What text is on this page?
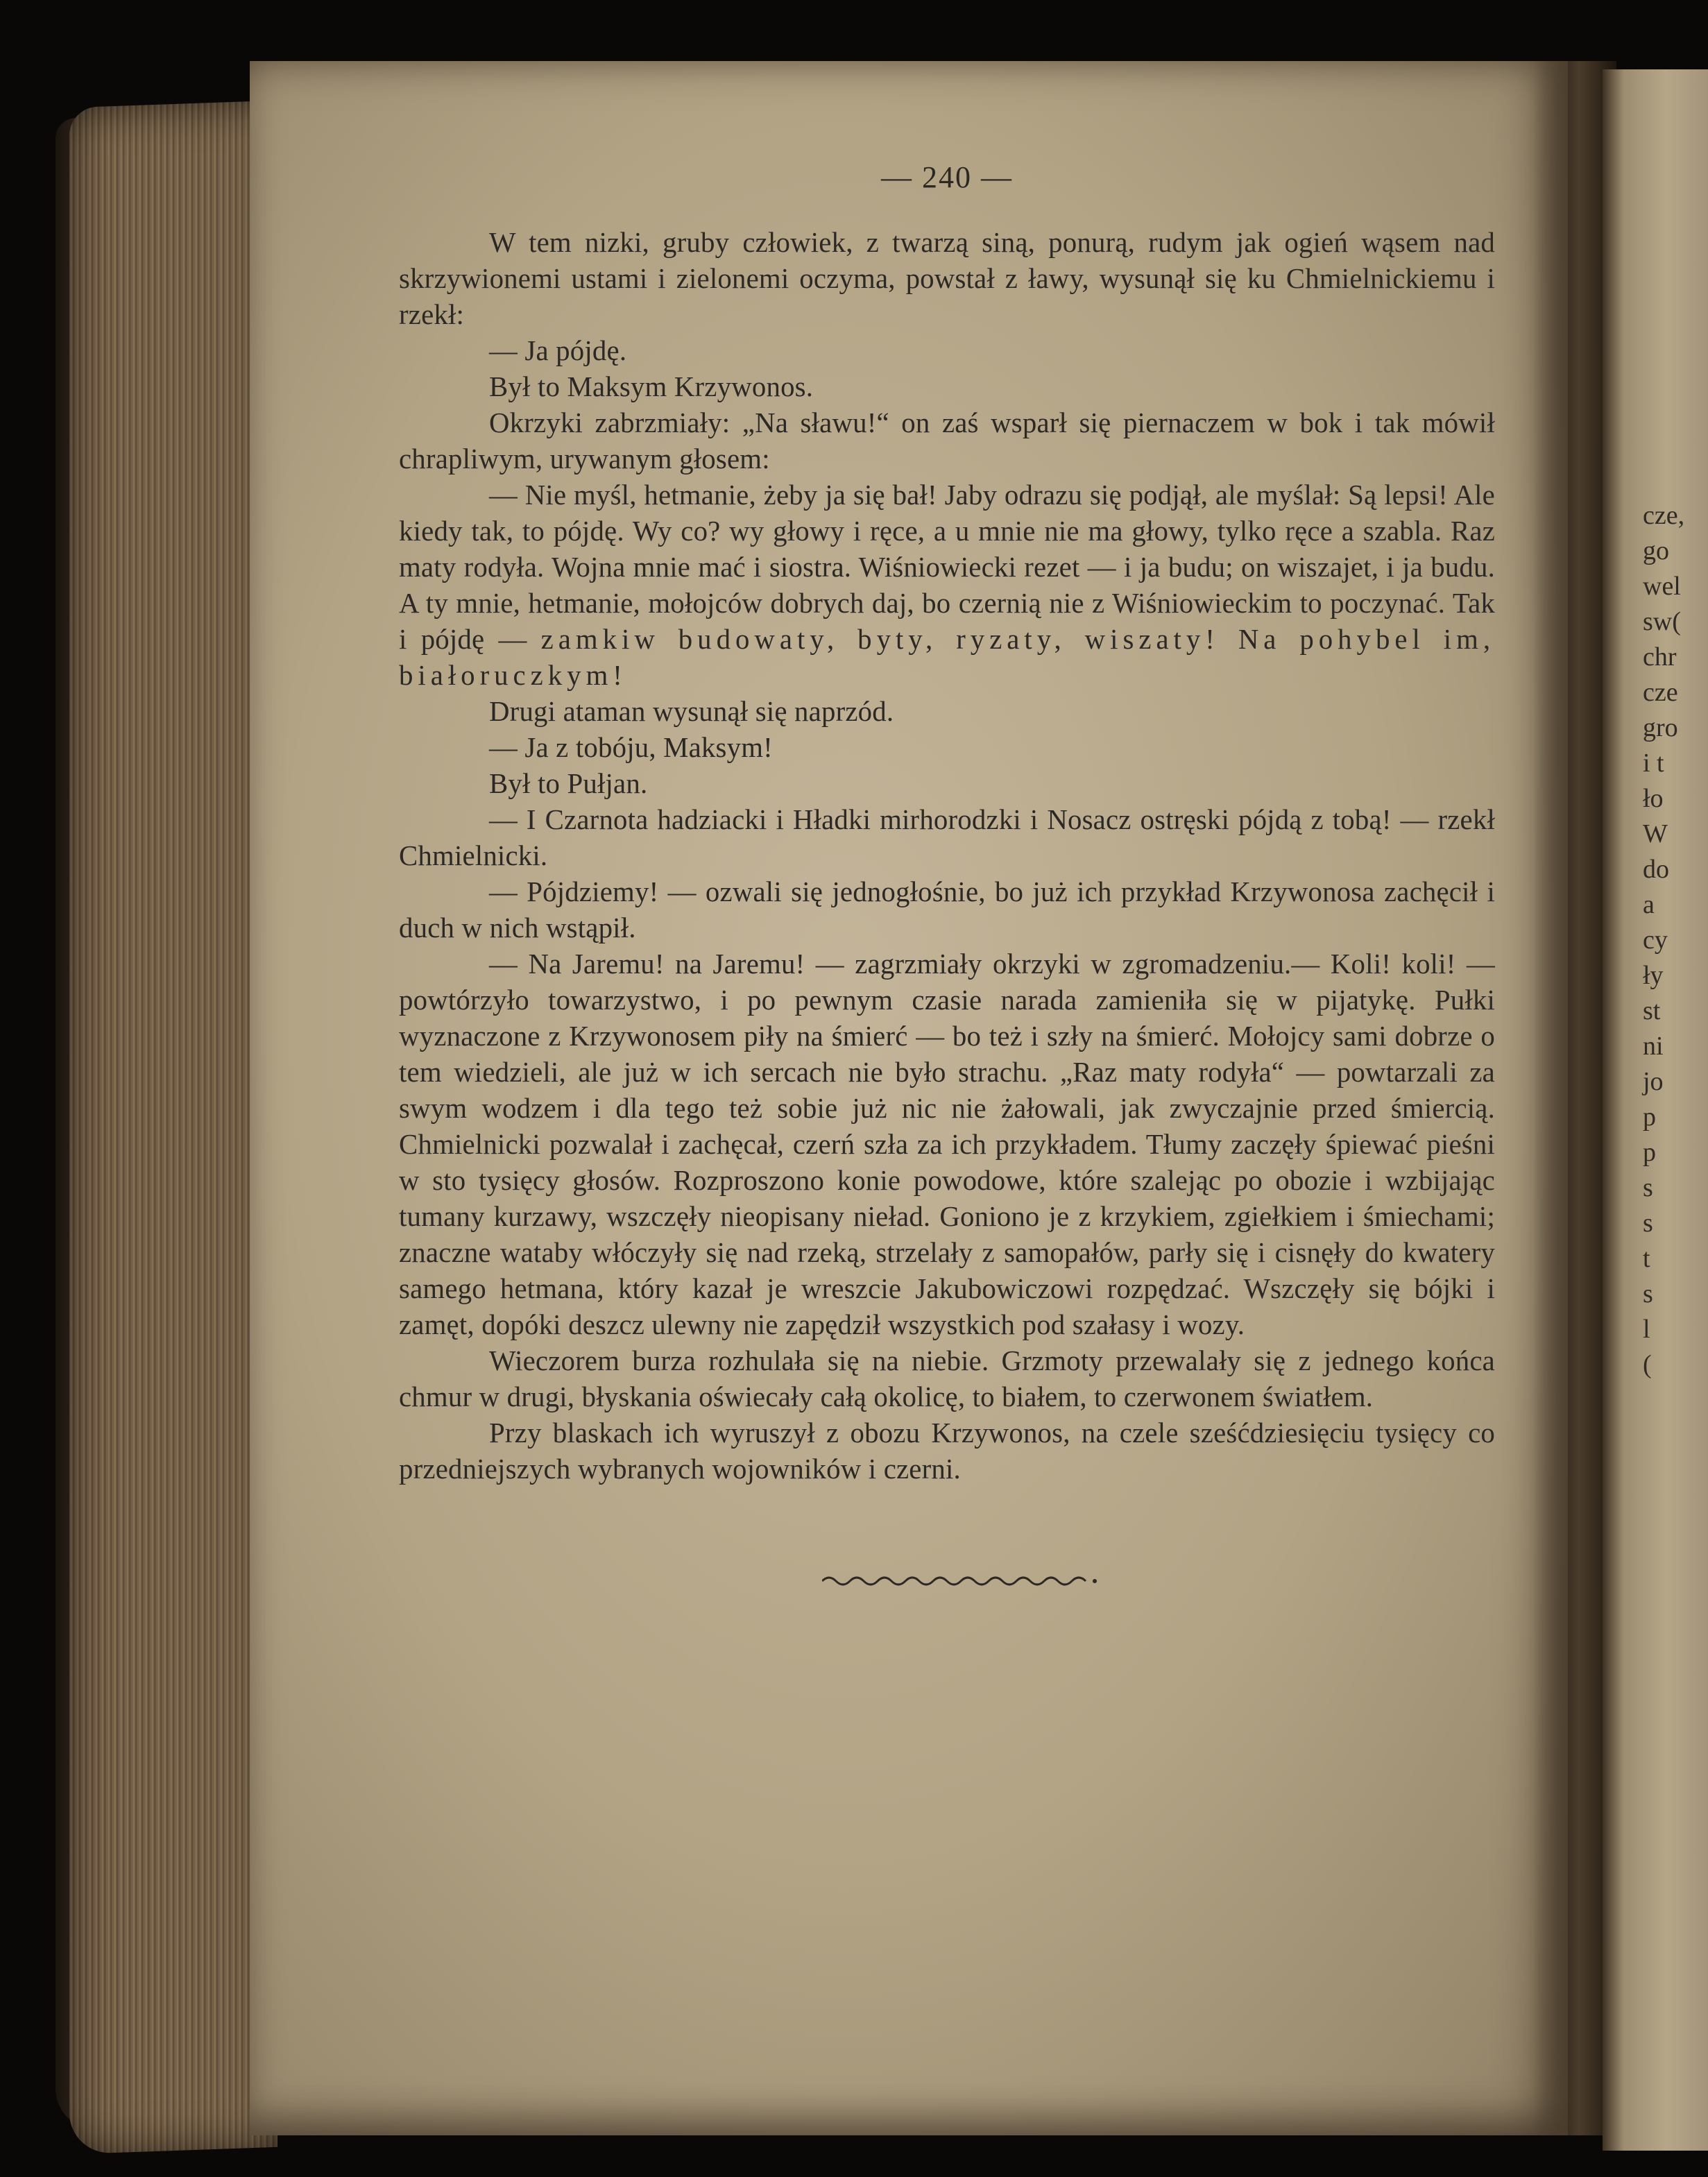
cze,
go
wel
sw(
chr
cze
gro
i t
ło
W
do
a
cy
ły
st
ni
jo
p
p
s
s
t
s
l
(
— 240 —

W tem nizki, gruby człowiek, z twarzą siną, ponurą, rudym jak ogień wąsem nad skrzywionemi ustami i zielonemi oczyma, powstał z ławy, wysunął się ku Chmielnickiemu i rzekł:

— Ja pójdę.

Był to Maksym Krzywonos.

Okrzyki zabrzmiały: „Na sławu!“ on zaś wsparł się piernaczem w bok i tak mówił chrapliwym, urywanym głosem:

— Nie myśl, hetmanie, żeby ja się bał! Jaby odrazu się podjął, ale myślał: Są lepsi! Ale kiedy tak, to pójdę. Wy co? wy głowy i ręce, a u mnie nie ma głowy, tylko ręce a szabla. Raz maty rodyła. Wojna mnie mać i siostra. Wiśniowiecki rezet — i ja budu; on wiszajet, i ja budu. A ty mnie, hetmanie, mołojców dobrych daj, bo czernią nie z Wiśniowieckim to poczynać. Tak i pójdę — zamkiw budowaty, byty, ryzaty, wiszaty! Na pohybel im, białoruczkym!

Drugi ataman wysunął się naprzód.

— Ja z tobóju, Maksym!

Był to Pułjan.

— I Czarnota hadziacki i Hładki mirhorodzki i Nosacz ostręski pójdą z tobą! — rzekł Chmielnicki.

— Pójdziemy! — ozwali się jednogłośnie, bo już ich przykład Krzywonosa zachęcił i duch w nich wstąpił.

— Na Jaremu! na Jaremu! — zagrzmiały okrzyki w zgromadzeniu.— Koli! koli! — powtórzyło towarzystwo, i po pewnym czasie narada zamieniła się w pijatykę. Pułki wyznaczone z Krzywonosem piły na śmierć — bo też i szły na śmierć. Mołojcy sami dobrze o tem wiedzieli, ale już w ich sercach nie było strachu. „Raz maty rodyła“ — powtarzali za swym wodzem i dla tego też sobie już nic nie żałowali, jak zwyczajnie przed śmiercią. Chmielnicki pozwalał i zachęcał, czerń szła za ich przykładem. Tłumy zaczęły śpiewać pieśni w sto tysięcy głosów. Rozproszono konie powodowe, które szalejąc po obozie i wzbijając tumany kurzawy, wszczęły nieopisany nieład. Goniono je z krzykiem, zgiełkiem i śmiechami; znaczne wataby włóczyły się nad rzeką, strzelały z samopałów, parły się i cisnęły do kwatery samego hetmana, który kazał je wreszcie Jakubowiczowi rozpędzać. Wszczęły się bójki i zamęt, dopóki deszcz ulewny nie zapędził wszystkich pod szałasy i wozy.

Wieczorem burza rozhulała się na niebie. Grzmoty przewalały się z jednego końca chmur w drugi, błyskania oświecały całą okolicę, to białem, to czerwonem światłem.

Przy blaskach ich wyruszył z obozu Krzywonos, na czele sześćdziesięciu tysięcy co przedniejszych wybranych wojowników i czerni.
